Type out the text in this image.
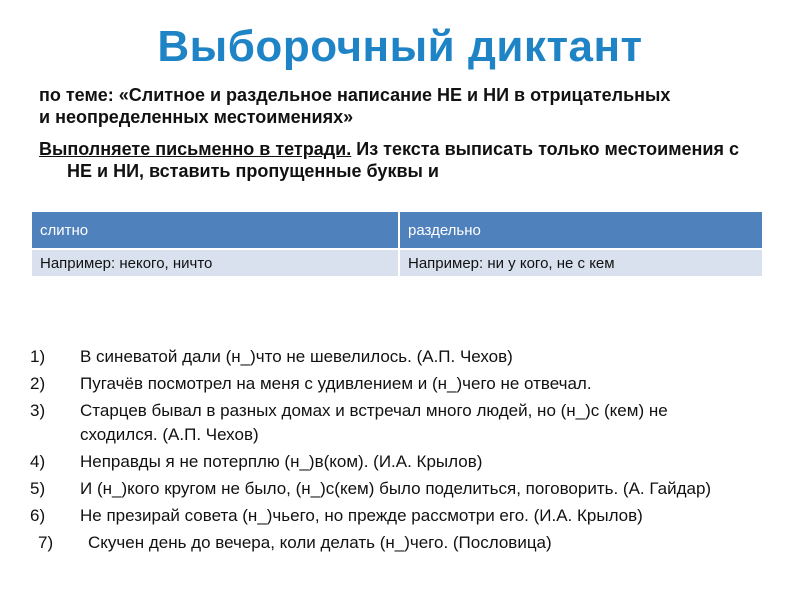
Выборочный диктант

по теме: «Слитное и раздельное написание НЕ и НИ в отрицательных

и неопределенных местоимениях»

Выполняете письменно в тетради. Из текста выписать только местоимения с НЕ и НИ, вставить пропущенные буквы и

слитно	раздельно
Например: некого, ничто	Например: ни у кого, не с кем
1) В синеватой дали (н_)что не шевелилось. (А.П. Чехов)
2) Пугачёв посмотрел на меня с удивлением и (н_)чего не отвечал.
3) Старцев бывал в разных домах и встречал много людей, но (н_)с (кем) не сходился. (А.П. Чехов)
4) Неправды я не потерплю (н_)в(ком). (И.А. Крылов)
5) И (н_)кого кругом не было, (н_)с(кем) было поделиться, поговорить. (А. Гайдар)
6) Не презирай совета (н_)чьего, но прежде рассмотри его. (И.А. Крылов)
7) Скучен день до вечера, коли делать (н_)чего. (Пословица)
